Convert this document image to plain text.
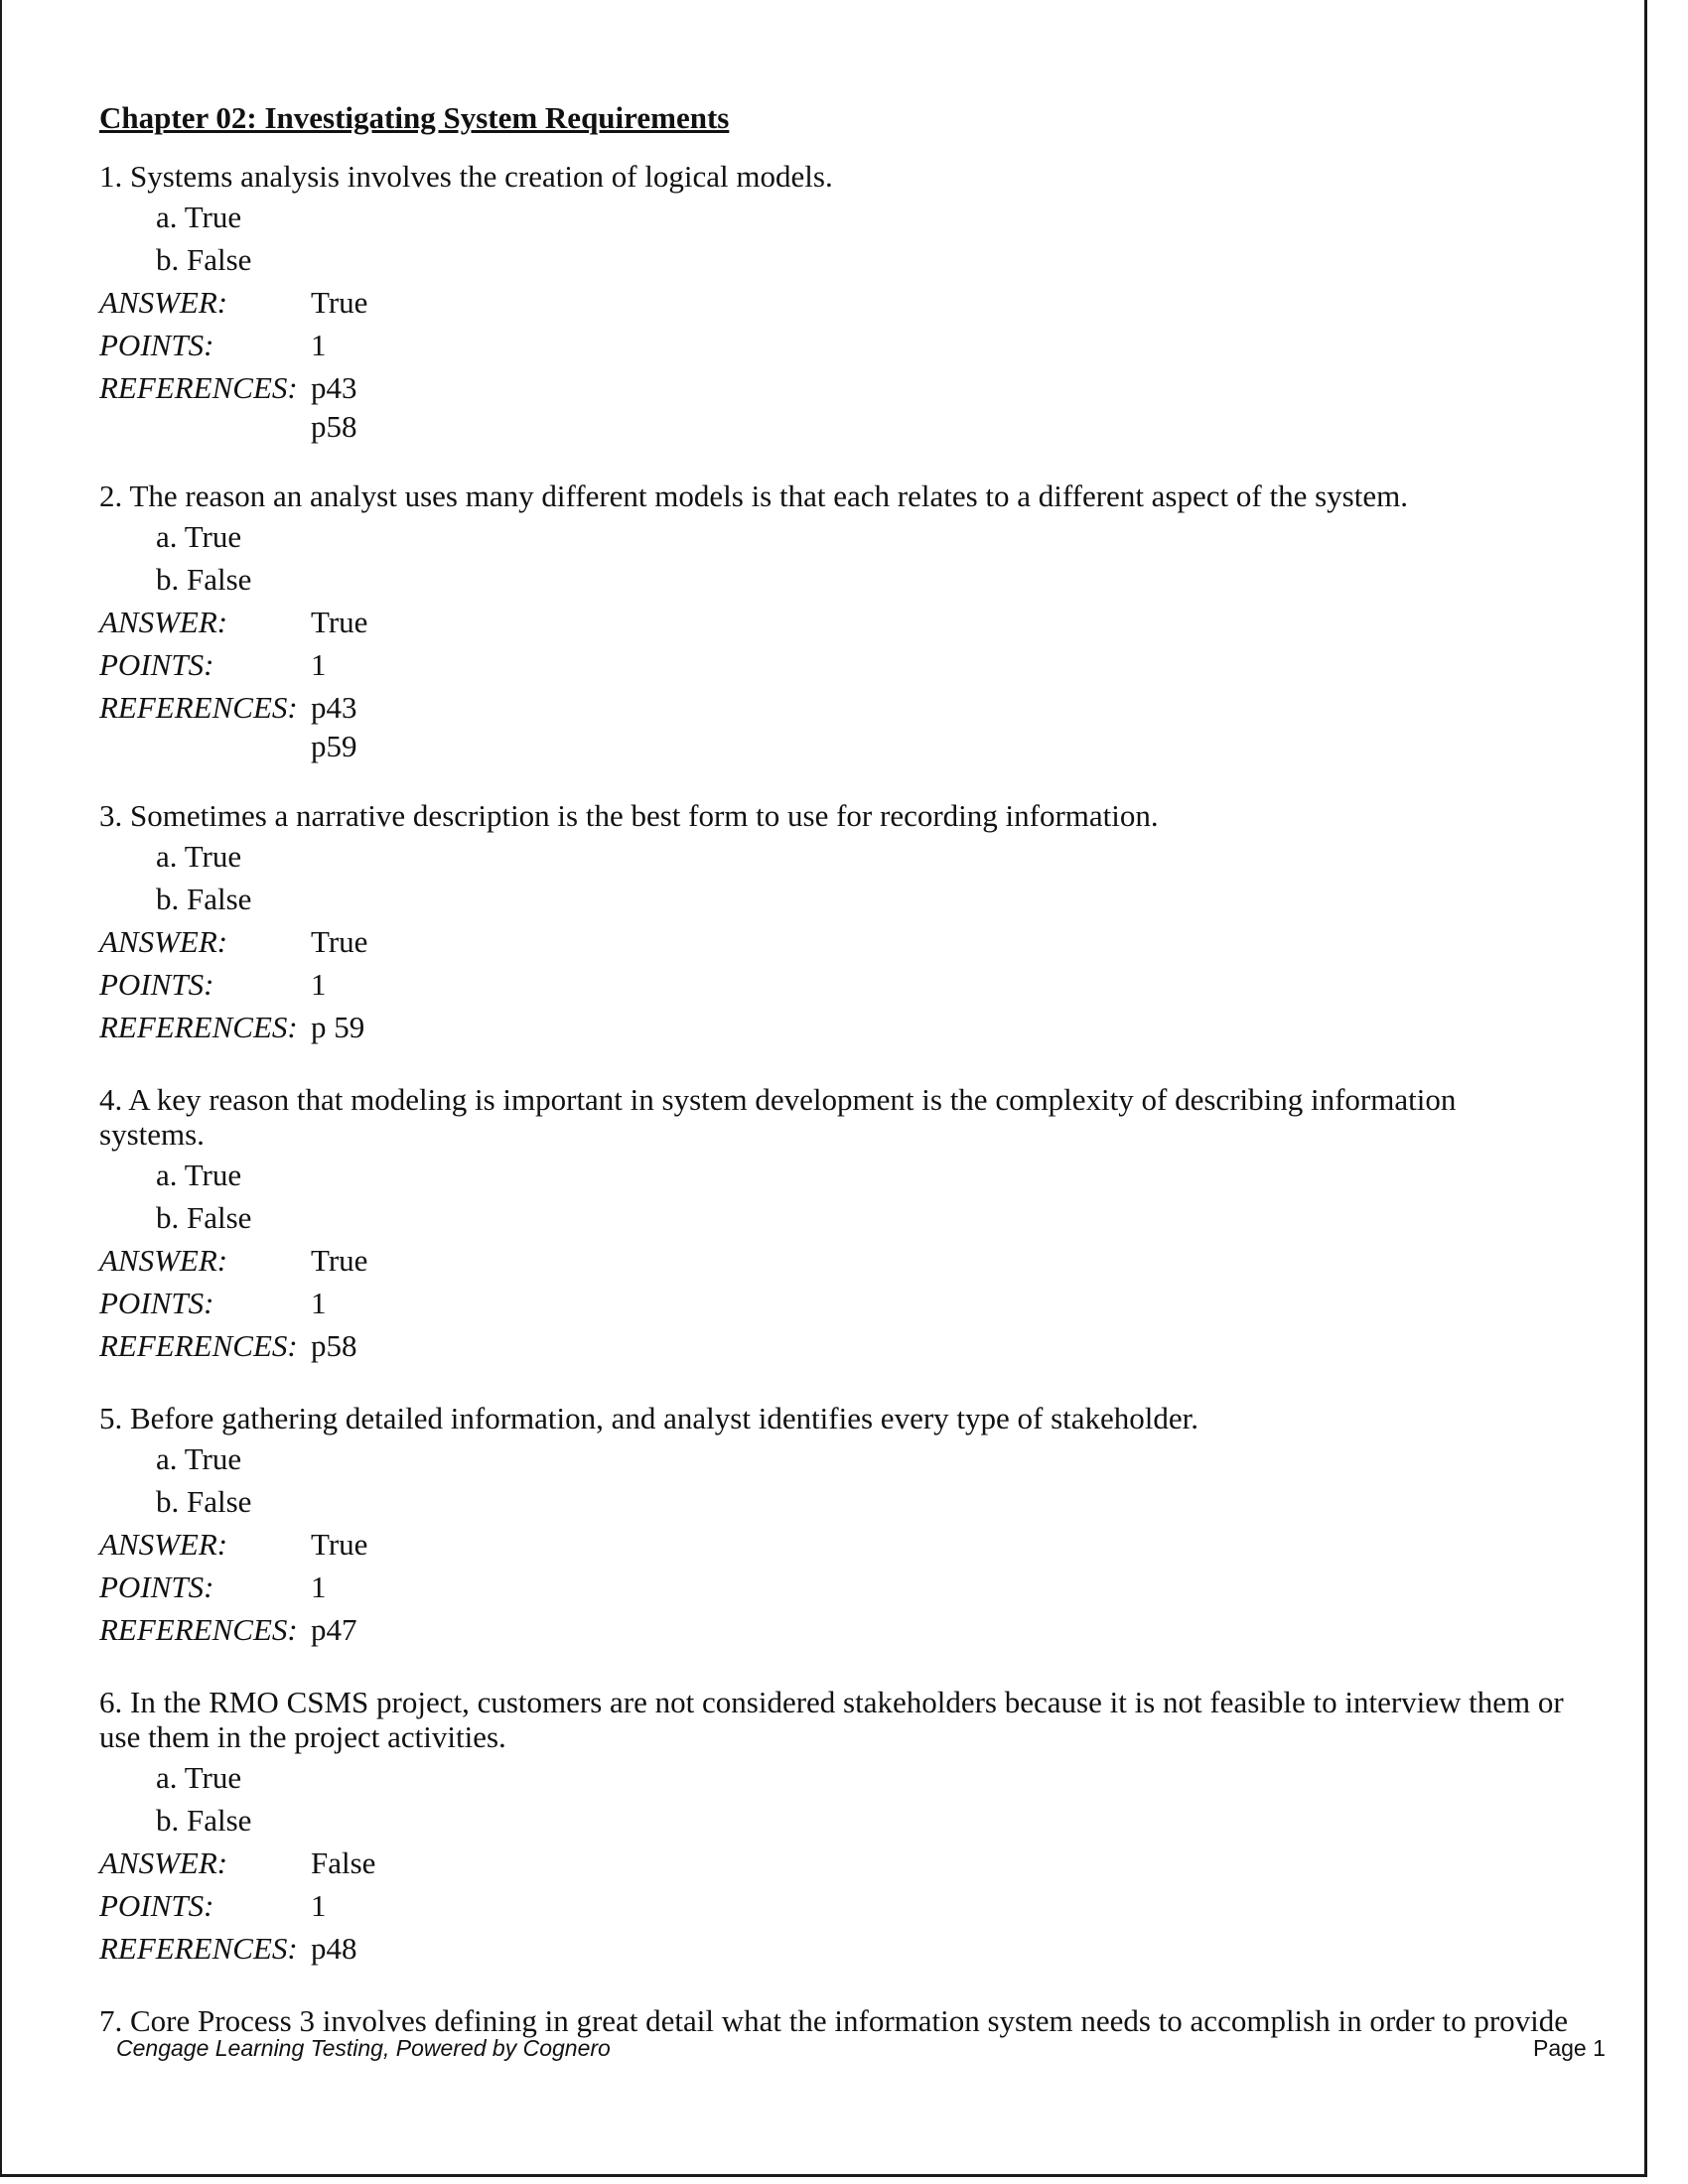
Chapter 02: Investigating System Requirements

1. Systems analysis involves the creation of logical models.

a. True
b. False
ANSWER:	True
POINTS:	1
REFERENCES: p43
p58

2. The reason an analyst uses many different models is that each relates to a different aspect of the system.

a. True
b. False
ANSWER:	True
POINTS:	1
REFERENCES: p43
p59

3. Sometimes a narrative description is the best form to use for recording information.

a. True
b. False
ANSWER:	True
POINTS:	1
REFERENCES: p 59

4. A key reason that modeling is important in system development is the complexity of describing information systems.

a. True
b. False
ANSWER:	True
POINTS:	1
REFERENCES: p58

5. Before gathering detailed information, and analyst identifies every type of stakeholder.

a. True
b. False
ANSWER:	True
POINTS:	1
REFERENCES: p47

6. In the RMO CSMS project, customers are not considered stakeholders because it is not feasible to interview them or use them in the project activities.

a. True
b. False
ANSWER:	False
POINTS:	1
REFERENCES: p48

7. Core Process 3 involves defining in great detail what the information system needs to accomplish in order to provide

Cengage Learning Testing, Powered by Cognero	Page 1
